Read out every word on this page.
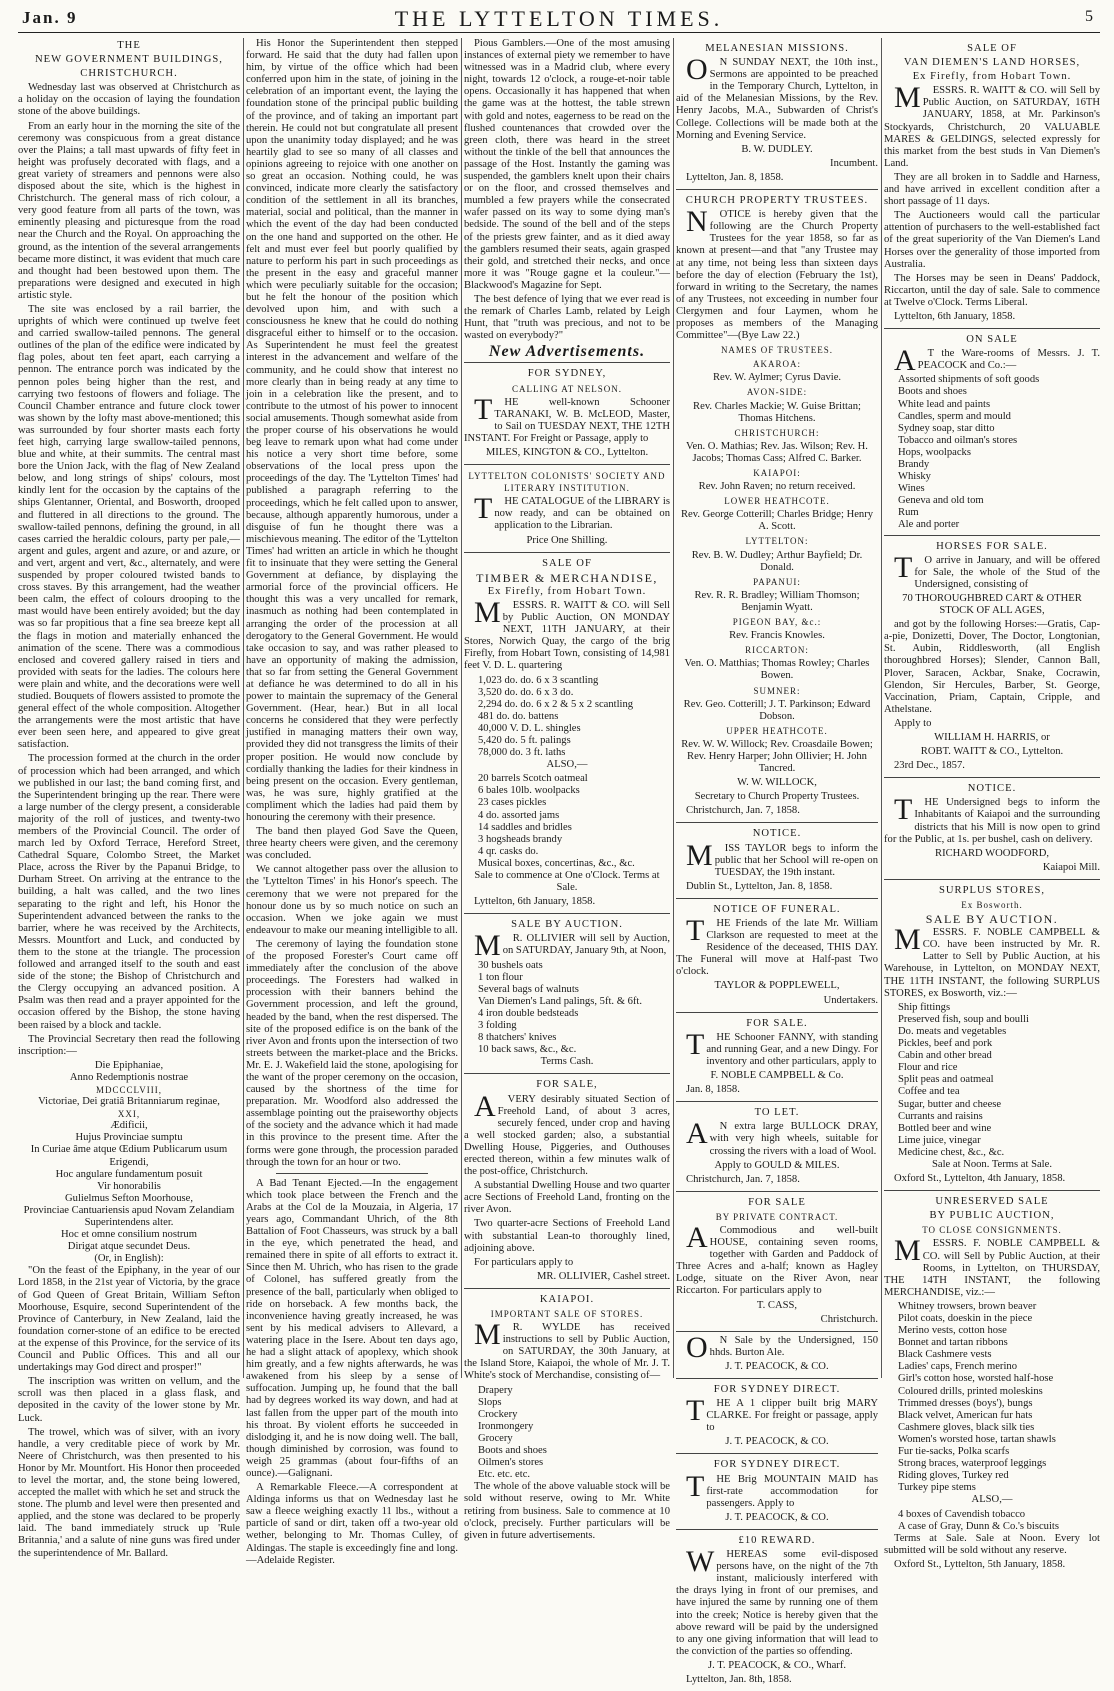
Jan. 9	THE LYTTELTON TIMES.	5
THE
NEW GOVERNMENT BUILDINGS,
CHRISTCHURCH.

Wednesday last was observed at Christchurch as a holiday on the occasion of laying the foundation stone of the above buildings.

From an early hour in the morning the site of the ceremony was conspicuous from a great distance over the Plains; a tall mast upwards of fifty feet in height was profusely decorated with flags, and a great variety of streamers and pennons were also disposed about the site, which is the highest in Christchurch. The general mass of rich colour, a very good feature from all parts of the town, was eminently pleasing and picturesque from the road near the Church and the Royal. On approaching the ground, as the intention of the several arrangements became more distinct, it was evident that much care and thought had been bestowed upon them. The preparations were designed and executed in high artistic style.

The site was enclosed by a rail barrier, the uprights of which were continued up twelve feet and carried swallow-tailed pennons. The general outlines of the plan of the edifice were indicated by flag poles, about ten feet apart, each carrying a pennon. The entrance porch was indicated by the pennon poles being higher than the rest, and carrying two festoons of flowers and foliage. The Council Chamber entrance and future clock tower was shown by the lofty mast above-mentioned; this was surrounded by four shorter masts each forty feet high, carrying large swallow-tailed pennons, blue and white, at their summits. The central mast bore the Union Jack, with the flag of New Zealand below, and long strings of ships' colours, most kindly lent for the occasion by the captains of the ships Glentanner, Oriental, and Bosworth, drooped and fluttered in all directions to the ground. The swallow-tailed pennons, defining the ground, in all cases carried the heraldic colours, party per pale,—argent and gules, argent and azure, or and azure, or and vert, argent and vert, &c., alternately, and were suspended by proper coloured twisted bands to cross staves. By this arrangement, had the weather been calm, the effect of colours drooping to the mast would have been entirely avoided; but the day was so far propitious that a fine sea breeze kept all the flags in motion and materially enhanced the animation of the scene. There was a commodious enclosed and covered gallery raised in tiers and provided with seats for the ladies. The colours here were plain and white, and the decorations were well studied. Bouquets of flowers assisted to promote the general effect of the whole composition. Altogether the arrangements were the most artistic that have ever been seen here, and appeared to give great satisfaction.

The procession formed at the church in the order of procession which had been arranged, and which we published in our last; the band coming first, and the Superintendent bringing up the rear. There were a large number of the clergy present, a considerable majority of the roll of justices, and twenty-two members of the Provincial Council. The order of march led by Oxford Terrace, Hereford Street, Cathedral Square, Colombo Street, the Market Place, across the River by the Papanui Bridge, to Durham Street. On arriving at the entrance to the building, a halt was called, and the two lines separating to the right and left, his Honor the Superintendent advanced between the ranks to the barrier, where he was received by the Architects, Messrs. Mountfort and Luck, and conducted by them to the stone at the triangle. The procession followed and arranged itself to the south and east side of the stone; the Bishop of Christchurch and the Clergy occupying an advanced position. A Psalm was then read and a prayer appointed for the occasion offered by the Bishop, the stone having been raised by a block and tackle.

The Provincial Secretary then read the following inscription:—

Die Epiphaniae,

Anno Redemptionis nostrae

MDCCCLVIII,

Victoriae, Dei gratiâ Britanniarum reginae,

XXI,

Ædificii,

Hujus Provinciae sumptu

In Curiae âme atque Œdium Publicarum usum

Erigendi,

Hoc angulare fundamentum posuit

Vir honorabilis

Gulielmus Sefton Moorhouse,

Provinciae Cantuariensis apud Novam Zelandiam

Superintendens alter.

Hoc et omne consilium nostrum

Dirigat atque secundet Deus.

(Or, in English):

"On the feast of the Epiphany, in the year of our Lord 1858, in the 21st year of Victoria, by the grace of God Queen of Great Britain, William Sefton Moorhouse, Esquire, second Superintendent of the Province of Canterbury, in New Zealand, laid the foundation corner-stone of an edifice to be erected at the expense of this Province, for the service of its Council and Public Offices. This and all our undertakings may God direct and prosper!"

The inscription was written on vellum, and the scroll was then placed in a glass flask, and deposited in the cavity of the lower stone by Mr. Luck.

The trowel, which was of silver, with an ivory handle, a very creditable piece of work by Mr. Neere of Christchurch, was then presented to his Honor by Mr. Mountfort. His Honor then proceeded to level the mortar, and, the stone being lowered, accepted the mallet with which he set and struck the stone. The plumb and level were then presented and applied, and the stone was declared to be properly laid. The band immediately struck up 'Rule Britannia,' and a salute of nine guns was fired under the superintendence of Mr. Ballard.

His Honor the Superintendent then stepped forward. He said that the duty had fallen upon him, by virtue of the office which had been conferred upon him in the state, of joining in the celebration of an important event, the laying the foundation stone of the principal public building of the province, and of taking an important part therein. He could not but congratulate all present upon the unanimity today displayed; and he was heartily glad to see so many of all classes and opinions agreeing to rejoice with one another on so great an occasion. Nothing could, he was convinced, indicate more clearly the satisfactory condition of the settlement in all its branches, material, social and political, than the manner in which the event of the day had been conducted on the one hand and supported on the other. He felt and must ever feel but poorly qualified by nature to perform his part in such proceedings as the present in the easy and graceful manner which were peculiarly suitable for the occasion; but he felt the honour of the position which devolved upon him, and with such a consciousness he knew that he could do nothing disgraceful either to himself or to the occasion. As Superintendent he must feel the greatest interest in the advancement and welfare of the community, and he could show that interest no more clearly than in being ready at any time to join in a celebration like the present, and to contribute to the utmost of his power to innocent social amusements. Though somewhat aside from the proper course of his observations he would beg leave to remark upon what had come under his notice a very short time before, some observations of the local press upon the proceedings of the day. The 'Lyttelton Times' had published a paragraph referring to the proceedings, which he felt called upon to answer, because, although apparently humorous, under a disguise of fun he thought there was a mischievous meaning. The editor of the 'Lyttelton Times' had written an article in which he thought fit to insinuate that they were setting the General Government at defiance, by displaying the armorial force of the provincial officers. He thought this was a very uncalled for remark, inasmuch as nothing had been contemplated in arranging the order of the procession at all derogatory to the General Government. He would take occasion to say, and was rather pleased to have an opportunity of making the admission, that so far from setting the General Government at defiance he was determined to do all in his power to maintain the supremacy of the General Government. (Hear, hear.) But in all local concerns he considered that they were perfectly justified in managing matters their own way, provided they did not transgress the limits of their proper position. He would now conclude by cordially thanking the ladies for their kindness in being present on the occasion. Every gentleman, was, he was sure, highly gratified at the compliment which the ladies had paid them by honouring the ceremony with their presence.

The band then played God Save the Queen, three hearty cheers were given, and the ceremony was concluded.

We cannot altogether pass over the allusion to the 'Lyttelton Times' in his Honor's speech. The ceremony that we were not prepared for the honour done us by so much notice on such an occasion. When we joke again we must endeavour to make our meaning intelligible to all.

The ceremony of laying the foundation stone of the proposed Forester's Court came off immediately after the conclusion of the above proceedings. The Foresters had walked in procession with their banners behind the Government procession, and left the ground, headed by the band, when the rest dispersed. The site of the proposed edifice is on the bank of the river Avon and fronts upon the intersection of two streets between the market-place and the Bricks. Mr. E. J. Wakefield laid the stone, apologising for the want of the proper ceremony on the occasion, caused by the shortness of the time for preparation. Mr. Woodford also addressed the assemblage pointing out the praiseworthy objects of the society and the advance which it had made in this province to the present time. After the forms were gone through, the procession paraded through the town for an hour or two.

A Bad Tenant Ejected.—In the engagement which took place between the French and the Arabs at the Col de la Mouzaia, in Algeria, 17 years ago, Commandant Uhrich, of the 8th Battalion of Foot Chasseurs, was struck by a ball in the eye, which penetrated the head, and remained there in spite of all efforts to extract it. Since then M. Uhrich, who has risen to the grade of Colonel, has suffered greatly from the presence of the ball, particularly when obliged to ride on horseback. A few months back, the inconvenience having greatly increased, he was sent by his medical advisers to Allevard, a watering place in the Isere. About ten days ago, he had a slight attack of apoplexy, which shook him greatly, and a few nights afterwards, he was awakened from his sleep by a sense of suffocation. Jumping up, he found that the ball had by degrees worked its way down, and had at last fallen from the upper part of the mouth into his throat. By violent efforts he succeeded in dislodging it, and he is now doing well. The ball, though diminished by corrosion, was found to weigh 25 grammas (about four-fifths of an ounce).—Galignani.

A Remarkable Fleece.—A correspondent at Aldinga informs us that on Wednesday last he saw a fleece weighing exactly 11 lbs., without a particle of sand or dirt, taken off a two-year old wether, belonging to Mr. Thomas Culley, of Aldingas. The staple is exceedingly fine and long.—Adelaide Register.

Pious Gamblers.—One of the most amusing instances of external piety we remember to have witnessed was in a Madrid club, where every night, towards 12 o'clock, a rouge-et-noir table opens. Occasionally it has happened that when the game was at the hottest, the table strewn with gold and notes, eagerness to be read on the flushed countenances that crowded over the green cloth, there was heard in the street without the tinkle of the bell that announces the passage of the Host. Instantly the gaming was suspended, the gamblers knelt upon their chairs or on the floor, and crossed themselves and mumbled a few prayers while the consecrated wafer passed on its way to some dying man's bedside. The sound of the bell and of the steps of the priests grew fainter, and as it died away the gamblers resumed their seats, again grasped their gold, and stretched their necks, and once more it was "Rouge gagne et la couleur."—Blackwood's Magazine for Sept.

The best defence of lying that we ever read is the remark of Charles Lamb, related by Leigh Hunt, that "truth was precious, and not to be wasted on everybody?"

New Advertisements.
FOR SYDNEY,
CALLING AT NELSON.

THE well-known Schooner TARANAKI, W. B. McLEOD, Master, to Sail on TUESDAY NEXT, THE 12TH INSTANT. For Freight or Passage, apply to

MILES, KINGTON & CO., Lyttelton.

LYTTELTON COLONISTS' SOCIETY AND LITERARY INSTITUTION.

THE CATALOGUE of the LIBRARY is now ready, and can be obtained on application to the Librarian.

Price One Shilling.

SALE OF
TIMBER & MERCHANDISE,
Ex Firefly, from Hobart Town.

MESSRS. R. WAITT & CO. will Sell by Public Auction, ON MONDAY NEXT, 11TH JANUARY, at their Stores, Norwich Quay, the cargo of the brig Firefly, from Hobart Town, consisting of 14,981 feet V. D. L. quartering

1,023 do. do. 6 x 3 scantling

3,520 do. do. 6 x 3 do.

2,294 do. do. 6 x 2 & 5 x 2 scantling

481 do. do. battens

40,000 V. D. L. shingles

5,420 do. 5 ft. palings

78,000 do. 3 ft. laths

ALSO,—

20 barrels Scotch oatmeal

6 bales 10lb. woolpacks

23 cases pickles

4 do. assorted jams

14 saddles and bridles

3 hogsheads brandy

4 qr. casks do.

Musical boxes, concertinas, &c., &c.

Sale to commence at One o'Clock. Terms at Sale.

Lyttelton, 6th January, 1858.

SALE BY AUCTION.

MR. OLLIVIER will sell by Auction, on SATURDAY, January 9th, at Noon,

30 bushels oats

1 ton flour

Several bags of walnuts

Van Diemen's Land palings, 5ft. & 6ft.

4 iron double bedsteads

3 folding

8 thatchers' knives

10 back saws, &c., &c.

Terms Cash.

FOR SALE,

AVERY desirably situated Section of Freehold Land, of about 3 acres, securely fenced, under crop and having a well stocked garden; also, a substantial Dwelling House, Piggeries, and Outhouses erected thereon, within a few minutes walk of the post-office, Christchurch.

A substantial Dwelling House and two quarter acre Sections of Freehold Land, fronting on the river Avon.

Two quarter-acre Sections of Freehold Land with substantial Lean-to thoroughly lined, adjoining above.

For particulars apply to

MR. OLLIVIER, Cashel street.

KAIAPOI.
IMPORTANT SALE OF STORES.

MR. WYLDE has received instructions to sell by Public Auction, on SATURDAY, the 30th January, at the Island Store, Kaiapoi, the whole of Mr. J. T. White's stock of Merchandise, consisting of—

Drapery

Slops

Crockery

Ironmongery

Grocery

Boots and shoes

Oilmen's stores

Etc. etc. etc.

The whole of the above valuable stock will be sold without reserve, owing to Mr. White retiring from business. Sale to commence at 10 o'clock, precisely. Further particulars will be given in future advertisements.

MELANESIAN MISSIONS.

ON SUNDAY NEXT, the 10th inst., Sermons are appointed to be preached in the Temporary Church, Lyttelton, in aid of the Melanesian Missions, by the Rev. Henry Jacobs, M.A., Subwarden of Christ's College. Collections will be made both at the Morning and Evening Service.

B. W. DUDLEY.

Incumbent.

Lyttelton, Jan. 8, 1858.

CHURCH PROPERTY TRUSTEES.

NOTICE is hereby given that the following are the Church Property Trustees for the year 1858, so far as known at present—and that "any Trustee may at any time, not being less than sixteen days before the day of election (February the 1st), forward in writing to the Secretary, the names of any Trustees, not exceeding in number four Clergymen and four Laymen, whom he proposes as members of the Managing Committee"—(Bye Law 22.)

NAMES OF TRUSTEES.

AKAROA:

Rev. W. Aylmer; Cyrus Davie.

AVON-SIDE:

Rev. Charles Mackie; W. Guise Brittan; Thomas Hitchens.

CHRISTCHURCH:

Ven. O. Mathias; Rev. Jas. Wilson; Rev. H. Jacobs; Thomas Cass; Alfred C. Barker.

KAIAPOI:

Rev. John Raven; no return received.

LOWER HEATHCOTE.

Rev. George Cotterill; Charles Bridge; Henry A. Scott.

LYTTELTON:

Rev. B. W. Dudley; Arthur Bayfield; Dr. Donald.

PAPANUI:

Rev. R. R. Bradley; William Thomson; Benjamin Wyatt.

PIGEON BAY, &c.:

Rev. Francis Knowles.

RICCARTON:

Ven. O. Matthias; Thomas Rowley; Charles Bowen.

SUMNER:

Rev. Geo. Cotterill; J. T. Parkinson; Edward Dobson.

UPPER HEATHCOTE.

Rev. W. W. Willock; Rev. Croasdaile Bowen; Rev. Henry Harper; John Ollivier; H. John Tancred.

W. W. WILLOCK,

Secretary to Church Property Trustees.

Christchurch, Jan. 7, 1858.

NOTICE.

MISS TAYLOR begs to inform the public that her School will re-open on TUESDAY, the 19th instant.

Dublin St., Lyttelton, Jan. 8, 1858.

NOTICE OF FUNERAL.

THE Friends of the late Mr. William Clarkson are requested to meet at the Residence of the deceased, THIS DAY. The Funeral will move at Half-past Two o'clock.

TAYLOR & POPPLEWELL,

Undertakers.

FOR SALE.

THE Schooner FANNY, with standing and running Gear, and a new Dingy. For inventory and other particulars, apply to

F. NOBLE CAMPBELL & Co.

Jan. 8, 1858.

TO LET.

AN extra large BULLOCK DRAY, with very high wheels, suitable for crossing the rivers with a load of Wool.

Apply to GOULD & MILES.

Christchurch, Jan. 7, 1858.

FOR SALE
BY PRIVATE CONTRACT.

ACommodious and well-built HOUSE, containing seven rooms, together with Garden and Paddock of Three Acres and a-half; known as Hagley Lodge, situate on the River Avon, near Riccarton. For particulars apply to

T. CASS,

Christchurch.

ON Sale by the Undersigned, 150 hhds. Burton Ale.

J. T. PEACOCK, & CO.

FOR SYDNEY DIRECT.

THE A 1 clipper built brig MARY CLARKE. For freight or passage, apply to

J. T. PEACOCK, & CO.

FOR SYDNEY DIRECT.

THE Brig MOUNTAIN MAID has first-rate accommodation for passengers. Apply to

J. T. PEACOCK, & CO.

£10 REWARD.

WHEREAS some evil-disposed persons have, on the night of the 7th instant, maliciously interfered with the drays lying in front of our premises, and have injured the same by running one of them into the creek; Notice is hereby given that the above reward will be paid by the undersigned to any one giving information that will lead to the conviction of the parties so offending.

J. T. PEACOCK, & CO., Wharf.

Lyttelton, Jan. 8th, 1858.

SALE OF
VAN DIEMEN'S LAND HORSES,
Ex Firefly, from Hobart Town.

MESSRS. R. WAITT & CO. will Sell by Public Auction, on SATURDAY, 16TH JANUARY, 1858, at Mr. Parkinson's Stockyards, Christchurch, 20 VALUABLE MARES & GELDINGS, selected expressly for this market from the best studs in Van Diemen's Land.

They are all broken in to Saddle and Harness, and have arrived in excellent condition after a short passage of 11 days.

The Auctioneers would call the particular attention of purchasers to the well-established fact of the great superiority of the Van Diemen's Land Horses over the generality of those imported from Australia.

The Horses may be seen in Deans' Paddock, Riccarton, until the day of sale. Sale to commence at Twelve o'Clock. Terms Liberal.

Lyttelton, 6th January, 1858.

ON SALE

AT the Ware-rooms of Messrs. J. T. PEACOCK and Co.:—

Assorted shipments of soft goods

Boots and shoes

White lead and paints

Candles, sperm and mould

Sydney soap, star ditto

Tobacco and oilman's stores

Hops, woolpacks

Brandy

Whisky

Wines

Geneva and old tom

Rum

Ale and porter

HORSES FOR SALE.

TO arrive in January, and will be offered for Sale, the whole of the Stud of the Undersigned, consisting of

70 THOROUGHBRED CART & OTHER STOCK OF ALL AGES,

and got by the following Horses:—Gratis, Cap-a-pie, Donizetti, Dover, The Doctor, Longtonian, St. Aubin, Riddlesworth, (all English thoroughbred Horses); Slender, Cannon Ball, Plover, Saracen, Ackbar, Snake, Cocrawin, Glendon, Sir Hercules, Barber, St. George, Vaccination, Priam, Captain, Cripple, and Athelstane.

Apply to

WILLIAM H. HARRIS, or

ROBT. WAITT & CO., Lyttelton.

23rd Dec., 1857.

NOTICE.

THE Undersigned begs to inform the Inhabitants of Kaiapoi and the surrounding districts that his Mill is now open to grind for the Public, at 1s. per bushel, cash on delivery.

RICHARD WOODFORD,

Kaiapoi Mill.

SURPLUS STORES,
Ex Bosworth.
SALE BY AUCTION.

MESSRS. F. NOBLE CAMPBELL & CO. have been instructed by Mr. R. Latter to Sell by Public Auction, at his Warehouse, in Lyttelton, on MONDAY NEXT, THE 11TH INSTANT, the following SURPLUS STORES, ex Bosworth, viz.:—

Ship fittings

Preserved fish, soup and boulli

Do. meats and vegetables

Pickles, beef and pork

Cabin and other bread

Flour and rice

Split peas and oatmeal

Coffee and tea

Sugar, butter and cheese

Currants and raisins

Bottled beer and wine

Lime juice, vinegar

Medicine chest, &c., &c.

Sale at Noon. Terms at Sale.

Oxford St., Lyttelton, 4th January, 1858.

UNRESERVED SALE
BY PUBLIC AUCTION,
TO CLOSE CONSIGNMENTS.

MESSRS. F. NOBLE CAMPBELL & CO. will Sell by Public Auction, at their Rooms, in Lyttelton, on THURSDAY, THE 14TH INSTANT, the following MERCHANDISE, viz.:—

Whitney trowsers, brown beaver

Pilot coats, doeskin in the piece

Merino vests, cotton hose

Bonnet and tartan ribbons

Black Cashmere vests

Ladies' caps, French merino

Girl's cotton hose, worsted half-hose

Coloured drills, printed moleskins

Trimmed dresses (boys'), bungs

Black velvet, American fur hats

Cashmere gloves, black silk ties

Women's worsted hose, tartan shawls

Fur tie-sacks, Polka scarfs

Strong braces, waterproof leggings

Riding gloves, Turkey red

Turkey pipe stems

ALSO,—

4 boxes of Cavendish tobacco

A case of Gray, Dunn & Co.'s biscuits

Terms at Sale. Sale at Noon. Every lot submitted will be sold without any reserve.

Oxford St., Lyttelton, 5th January, 1858.
